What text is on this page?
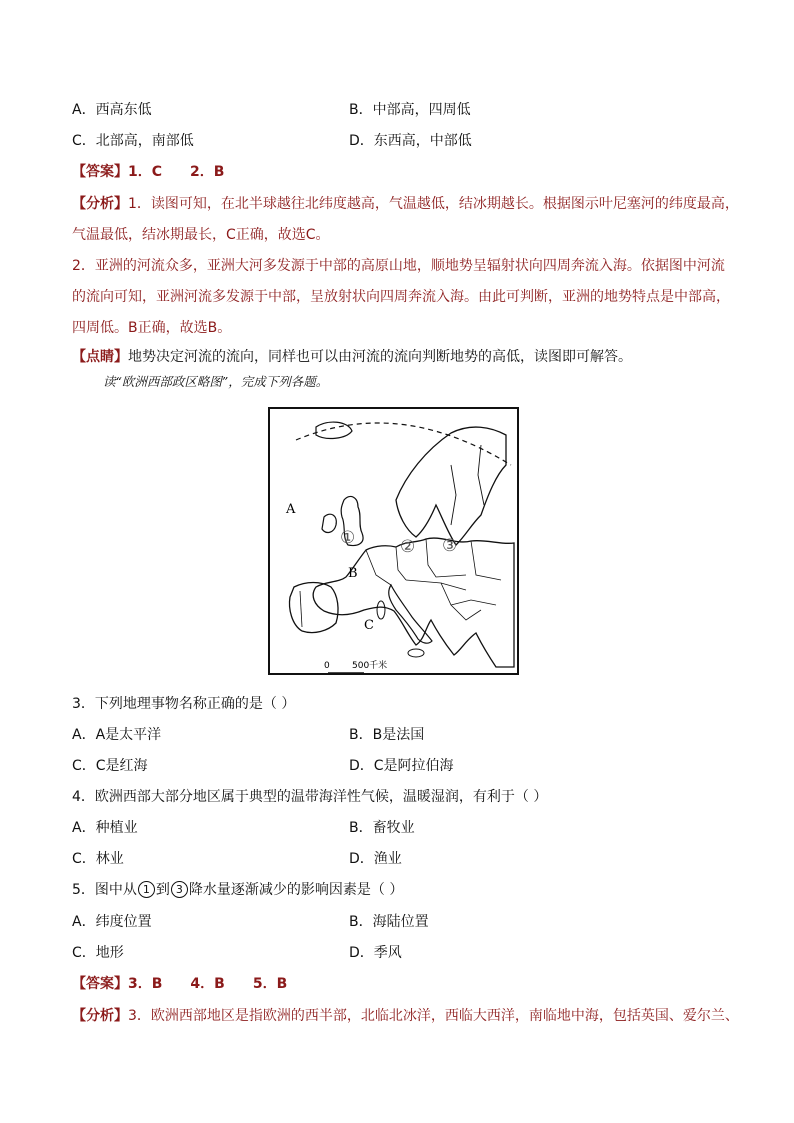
A．西高东低	B．中部高，四周低
C．北部高，南部低	D．东西高，中部低
【答案】1．C　　2．B
【分析】1．读图可知，在北半球越往北纬度越高，气温越低，结冰期越长。根据图示叶尼塞河的纬度最高，
气温最低，结冰期最长，C正确，故选C。
2．亚洲的河流众多，亚洲大河多发源于中部的高原山地，顺地势呈辐射状向四周奔流入海。依据图中河流
的流向可知，亚洲河流多发源于中部，呈放射状向四周奔流入海。由此可判断，亚洲的地势特点是中部高，
四周低。B正确，故选B。
【点睛】地势决定河流的流向，同样也可以由河流的流向判断地势的高低，读图即可解答。
读“欧洲西部政区略图”，完成下列各题。
A
B
C
①	② ③
0 500千米
3．下列地理事物名称正确的是（ ）
A．A是太平洋	B．B是法国
C．C是红海	D．C是阿拉伯海
4．欧洲西部大部分地区属于典型的温带海洋性气候，温暖湿润，有利于（ ）
A．种植业	B．畜牧业
C．林业	D．渔业
5．图中从 1 到 3 降水量逐渐减少的影响因素是（ ）
A．纬度位置	B．海陆位置
C．地形	D．季风
【答案】3．B　　4．B　　5．B
【分析】3．欧洲西部地区是指欧洲的西半部，北临北冰洋，西临大西洋，南临地中海，包括英国、爱尔兰、
